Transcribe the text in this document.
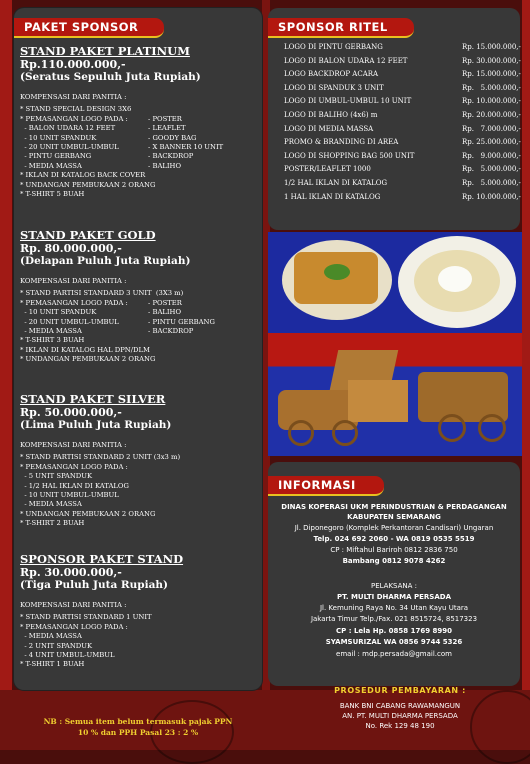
PAKET SPONSOR
STAND PAKET PLATINUM
Rp.110.000.000,-
(Seratus Sepuluh Juta Rupiah)
KOMPENSASI DARI PANITIA :
* STAND SPECIAL DESIGN 3X6
* PEMASANGAN LOGO PADA :	- POSTER
- BALON UDARA 12 FEET	- LEAFLET
- 10 UNIT SPANDUK	- GOODY BAG
- 20 UNIT UMBUL-UMBUL	- X BANNER 10 UNIT
- PINTU GERBANG	- BACKDROP
- MEDIA MASSA	- BALIHO
* IKLAN DI KATALOG BACK COVER
* UNDANGAN PEMBUKAAN 2 ORANG
* T-SHIRT 5 BUAH
STAND PAKET GOLD
Rp. 80.000.000,-
(Delapan Puluh Juta Rupiah)
KOMPENSASI DARI PANITIA :
* STAND PARTISI STANDARD 3 UNIT  (3X3 m)
* PEMASANGAN LOGO PADA :	- POSTER
- 10 UNIT SPANDUK	- BALIHO
- 20 UNIT UMBUL-UMBUL	- PINTU GERBANG
- MEDIA MASSA	- BACKDROP
* T-SHIRT 3 BUAH
* IKLAN DI KATALOG HAL DPN/DLM
* UNDANGAN PEMBUKAAN 2 ORANG
STAND PAKET SILVER
Rp. 50.000.000,-
(Lima Puluh Juta Rupiah)
KOMPENSASI DARI PANITIA :
* STAND PARTISI STANDARD 2 UNIT (3x3 m)
* PEMASANGAN LOGO PADA :
- 5 UNIT SPANDUK
- 1/2 HAL IKLAN DI KATALOG
- 10 UNIT UMBUL-UMBUL
- MEDIA MASSA
* UNDANGAN PEMBUKAAN 2 ORANG
* T-SHIRT 2 BUAH
SPONSOR PAKET STAND
Rp. 30.000.000,-
(Tiga Puluh Juta Rupiah)
KOMPENSASI DARI PANITIA :
* STAND PARTISI STANDARD 1 UNIT
* PEMASANGAN LOGO PADA :
- MEDIA MASSA
- 2 UNIT SPANDUK
- 4 UNIT UMBUL-UMBUL
* T-SHIRT 1 BUAH
NB : Semua item belum termasuk pajak PPN
10 % dan PPH Pasal 23 : 2 %
SPONSOR RITEL
LOGO DI PINTU GERBANG	Rp. 15.000.000,-
LOGO DI BALON UDARA 12 FEET	Rp. 30.000.000,-
LOGO BACKDROP ACARA	Rp. 15.000.000,-
LOGO DI SPANDUK 3 UNIT	Rp.   5.000.000,-
LOGO DI UMBUL-UMBUL 10 UNIT	Rp. 10.000.000,-
LOGO DI BALIHO (4x6) m	Rp. 20.000.000,-
LOGO DI MEDIA MASSA	Rp.   7.000.000,-
PROMO & BRANDING DI AREA	Rp. 25.000.000,-
LOGO DI SHOPPING BAG 500 UNIT	Rp.   9.000.000,-
POSTER/LEAFLET 1000	Rp.   5.000.000,-
1/2 HAL IKLAN DI KATALOG	Rp.   5.000.000,-
1 HAL IKLAN DI KATALOG	Rp. 10.000.000,-
INFORMASI
DINAS KOPERASI UKM PERINDUSTRIAN & PERDAGANGAN
KABUPATEN SEMARANG
Jl. Diponegoro (Komplek Perkantoran Candisari) Ungaran
Telp. 024 692 2060 - WA 0819 0535 5519
CP : Miftahul Bariroh 0812 2836 750
Bambang 0812 9078 4262
PELAKSANA :
PT. MULTI DHARMA PERSADA
Jl. Kemuning Raya No. 34 Utan Kayu Utara
Jakarta Timur Telp./Fax. 021 8515724, 8517323
CP : Lela Hp. 0858 1769 8990
SYAMSURIZAL WA 0856 9744 5326
email : mdp.persada@gmail.com
PROSEDUR PEMBAYARAN :
BANK BNI CABANG RAWAMANGUN
AN. PT. MULTI DHARMA PERSADA
No. Rek 129 48 190
